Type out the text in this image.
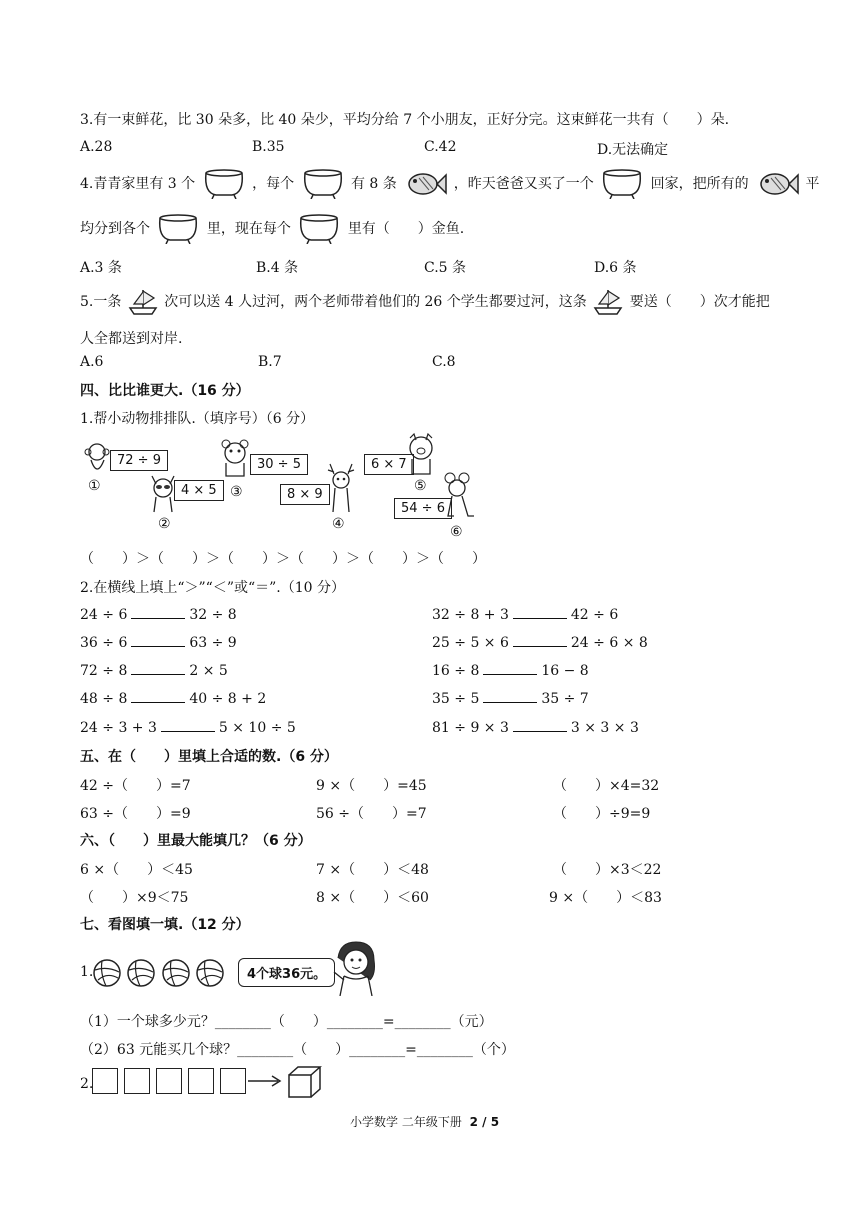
3.有一束鲜花，比 30 朵多，比 40 朵少，平均分给 7 个小朋友，正好分完。这束鲜花一共有（　　）朵.
A.28	B.35	C.42	D.无法确定
4.青青家里有 3 个	，每个	有 8 条	，昨天爸爸又买了一个	回家，把所有的	平
均分到各个	里，现在每个	里有（　　）金鱼.
A.3 条	B.4 条	C.5 条	D.6 条
5.一条	次可以送 4 人过河，两个老师带着他们的 26 个学生都要过河，这条	要送（　　）次才能把
人全都送到对岸.
A.6	B.7	C.8
四、比比谁更大.（16 分）
1.帮小动物排排队.（填序号）（6 分）
72 ÷ 9
①	4 × 5
②
30 ÷ 5
③	8 × 9
④
6 × 7
⑤
54 ÷ 6
⑥
（　　）＞（　　）＞（　　）＞（　　）＞（　　）＞（　　）
2.在横线上填上“＞”“＜”或“＝”.（10 分）
24 ÷ 6	32 ÷ 8	32 ÷ 8 + 3	42 ÷ 6
36 ÷ 6	63 ÷ 9	25 ÷ 5 × 6	24 ÷ 6 × 8
72 ÷ 8	2 × 5	16 ÷ 8	16 − 8
48 ÷ 8	40 ÷ 8 + 2	35 ÷ 5	35 ÷ 7
24 ÷ 3 + 3	5 × 10 ÷ 5	81 ÷ 9 × 3	3 × 3 × 3
五、在（　　）里填上合适的数.（6 分）
42 ÷（　　）=7	9 ×（　　）=45	（　　）×4=32
63 ÷（　　）=9	56 ÷（　　）=7	（　　）÷9=9
六、（　　）里最大能填几？（6 分）
6 ×（　　）＜45	7 ×（　　）＜48	（　　）×3＜22
（　　）×9＜75	8 ×（　　）＜60	9 ×（　　）＜83
七、看图填一填.（12 分）
1.
	4个球36元。
（1）一个球多少元？________（　　）________=________（元）
（2）63 元能买几个球？________（　　）________=________（个）
2.
小学数学 二年级下册 2 / 5
